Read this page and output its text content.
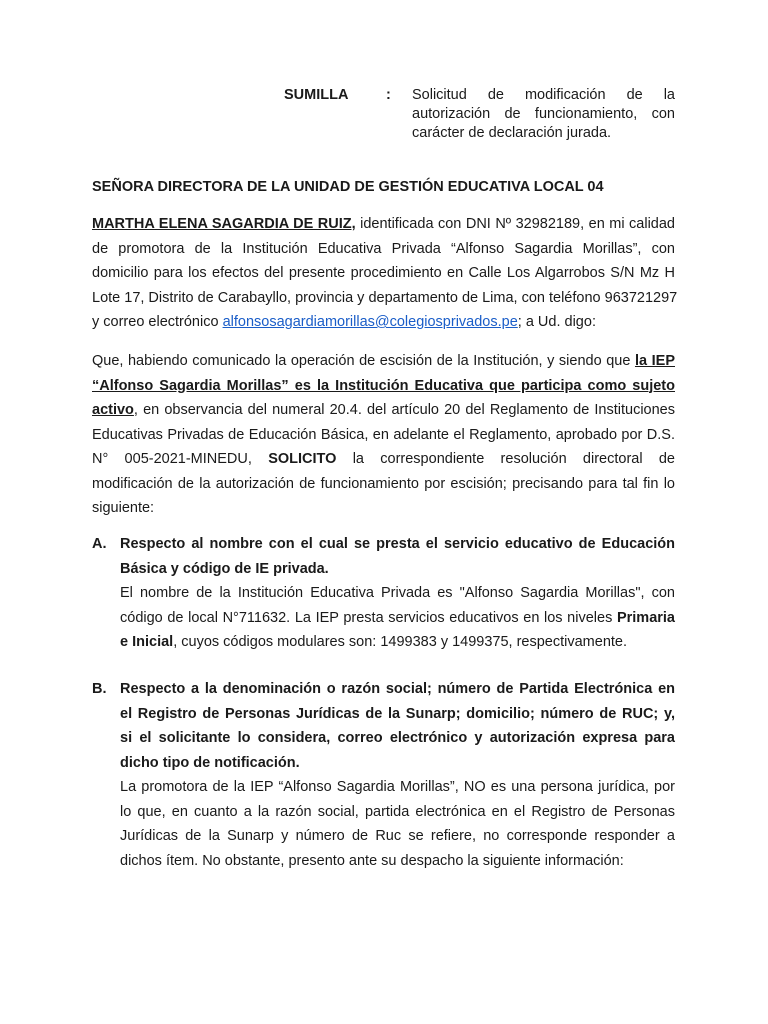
SUMILLA	: Solicitud de modificación de la
autorización de funcionamiento, con
carácter de declaración jurada.
SEÑORA DIRECTORA DE LA UNIDAD DE GESTIÓN EDUCATIVA LOCAL 04
MARTHA ELENA SAGARDIA DE RUIZ, identificada con DNI Nº 32982189, en mi calidad
de promotora de la Institución Educativa Privada “Alfonso Sagardia Morillas”, con
domicilio para los efectos del presente procedimiento en Calle Los Algarrobos S/N Mz H
Lote 17, Distrito de Carabayllo, provincia y departamento de Lima, con teléfono 963721297
y correo electrónico alfonsosagardiamorillas@colegiosprivados.pe; a Ud. digo:
Que, habiendo comunicado la operación de escisión de la Institución, y siendo que la IEP
“Alfonso Sagardia Morillas” es la Institución Educativa que participa como sujeto
activo, en observancia del numeral 20.4. del artículo 20 del Reglamento de Instituciones
Educativas Privadas de Educación Básica, en adelante el Reglamento, aprobado por D.S.
N° 005-2021-MINEDU, SOLICITO la correspondiente resolución directoral de
modificación de la autorización de funcionamiento por escisión; precisando para tal fin lo
siguiente:
A. Respecto al nombre con el cual se presta el servicio educativo de Educación
Básica y código de IE privada.
El nombre de la Institución Educativa Privada es "Alfonso Sagardia Morillas", con
código de local N°711632. La IEP presta servicios educativos en los niveles Primaria
e Inicial, cuyos códigos modulares son: 1499383 y 1499375, respectivamente.
B. Respecto a la denominación o razón social; número de Partida Electrónica en
el Registro de Personas Jurídicas de la Sunarp; domicilio; número de RUC; y,
si el solicitante lo considera, correo electrónico y autorización expresa para
dicho tipo de notificación.
La promotora de la IEP “Alfonso Sagardia Morillas”, NO es una persona jurídica, por
lo que, en cuanto a la razón social, partida electrónica en el Registro de Personas
Jurídicas de la Sunarp y número de Ruc se refiere, no corresponde responder a
dichos ítem. No obstante, presento ante su despacho la siguiente información:
